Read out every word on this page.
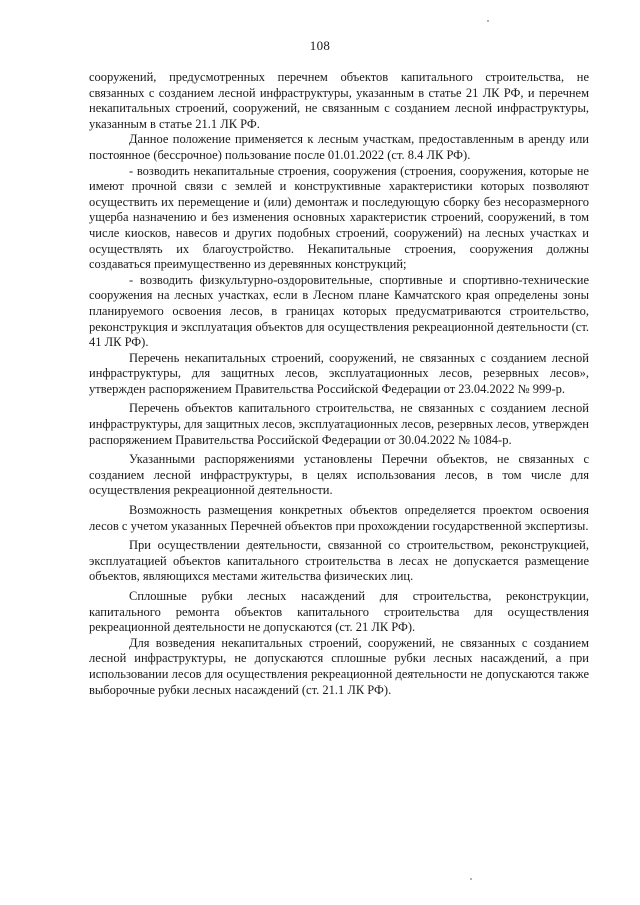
108

сооружений, предусмотренных перечнем объектов капитального строительства, не связанных с созданием лесной инфраструктуры, указанным в статье 21 ЛК РФ, и перечнем некапитальных строений, сооружений, не связанным с созданием лесной инфраструктуры, указанным в статье 21.1 ЛК РФ.

Данное положение применяется к лесным участкам, предоставленным в аренду или постоянное (бессрочное) пользование после 01.01.2022 (ст. 8.4 ЛК РФ).

- возводить некапитальные строения, сооружения (строения, сооружения, которые не имеют прочной связи с землей и конструктивные характеристики которых позволяют осуществить их перемещение и (или) демонтаж и последующую сборку без несоразмерного ущерба назначению и без изменения основных характеристик строений, сооружений, в том числе киосков, навесов и других подобных строений, сооружений) на лесных участках и осуществлять их благоустройство. Некапитальные строения, сооружения должны создаваться преимущественно из деревянных конструкций;

- возводить физкультурно-оздоровительные, спортивные и спортивно-технические сооружения на лесных участках, если в Лесном плане Камчатского края определены зоны планируемого освоения лесов, в границах которых предусматриваются строительство, реконструкция и эксплуатация объектов для осуществления рекреационной деятельности (ст. 41 ЛК РФ).

Перечень некапитальных строений, сооружений, не связанных с созданием лесной инфраструктуры, для защитных лесов, эксплуатационных лесов, резервных лесов», утвержден распоряжением Правительства Российской Федерации от 23.04.2022 № 999-р.

Перечень объектов капитального строительства, не связанных с созданием лесной инфраструктуры, для защитных лесов, эксплуатационных лесов, резервных лесов, утвержден распоряжением Правительства Российской Федерации от 30.04.2022 № 1084-р.

Указанными распоряжениями установлены Перечни объектов, не связанных с созданием лесной инфраструктуры, в целях использования лесов, в том числе для осуществления рекреационной деятельности.

Возможность размещения конкретных объектов определяется проектом освоения лесов с учетом указанных Перечней объектов при прохождении государственной экспертизы.

При осуществлении деятельности, связанной со строительством, реконструкцией, эксплуатацией объектов капитального строительства в лесах не допускается размещение объектов, являющихся местами жительства физических лиц.

Сплошные рубки лесных насаждений для строительства, реконструкции, капитального ремонта объектов капитального строительства для осуществления рекреационной деятельности не допускаются (ст. 21 ЛК РФ).

Для возведения некапитальных строений, сооружений, не связанных с созданием лесной инфраструктуры, не допускаются сплошные рубки лесных насаждений, а при использовании лесов для осуществления рекреационной деятельности не допускаются также выборочные рубки лесных насаждений (ст. 21.1 ЛК РФ).
